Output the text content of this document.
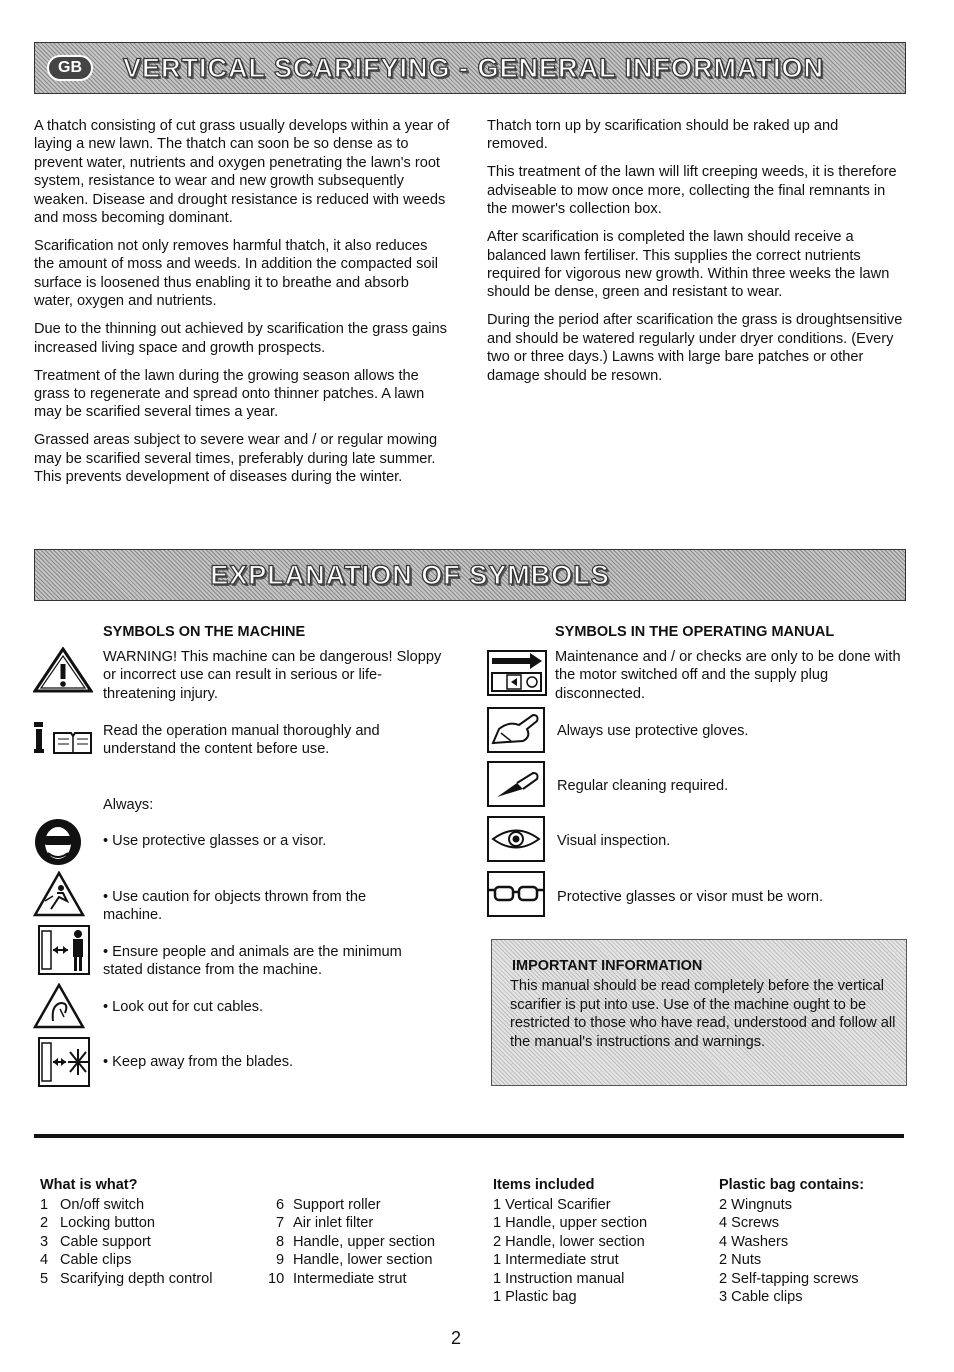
GB	VERTICAL SCARIFYING - GENERAL INFORMATION

A thatch consisting of cut grass usually develops within a year of laying a new lawn. The thatch can soon be so dense as to prevent water, nutrients and oxygen penetrating the lawn's root system, resistance to wear and new growth subsequently weaken. Disease and drought resistance is reduced with weeds and moss becoming dominant.

Scarification not only removes harmful thatch, it also reduces the amount of moss and weeds. In addition the compacted soil surface is loosened thus enabling it to breathe and absorb water, oxygen and nutrients.

Due to the thinning out achieved by scarification the grass gains increased living space and growth prospects.

Treatment of the lawn during the growing season allows the grass to regenerate and spread onto thinner patches. A lawn may be scarified several times a year.

Grassed areas subject to severe wear and / or regular mowing may be scarified several times, preferably during late summer. This prevents development of diseases during the winter.

Thatch torn up by scarification should be raked up and removed.

This treatment of the lawn will lift creeping weeds, it is therefore adviseable to mow once more, collecting the final remnants in the mower's collection box.

After scarification is completed the lawn should receive a balanced lawn fertiliser. This supplies the correct nutrients required for vigorous new growth. Within three weeks the lawn should be dense, green and resistant to wear.

During the period after scarification the grass is droughtsensitive and should be watered regularly under dryer conditions. (Every two or three days.) Lawns with large bare patches or other damage should be resown.

EXPLANATION OF SYMBOLS
SYMBOLS ON THE MACHINE
WARNING! This machine can be dangerous! Sloppy or incorrect use can result in serious or life-threatening injury.
Read the operation manual thoroughly and understand the content before use.
Always:
• Use protective glasses or a visor.
• Use caution for objects thrown from the machine.
• Ensure people and animals are the minimum stated distance from the machine.
• Look out for cut cables.
• Keep away from the blades.
SYMBOLS IN THE OPERATING MANUAL
Maintenance and / or checks are only to be done with the motor switched off and the supply plug disconnected.
Always use protective gloves.
Regular cleaning required.
Visual inspection.
Protective glasses or visor must be worn.
IMPORTANT INFORMATION
This manual should be read completely before the vertical scarifier is put into use. Use of the machine ought to be restricted to those who have read, understood and follow all the manual's instructions and warnings.
What is what?
1 On/off switch
2 Locking button
3 Cable support
4 Cable clips
5 Scarifying depth control
6 Support roller
7 Air inlet filter
8 Handle, upper section
9 Handle, lower section
10 Intermediate strut
Items included
1 Vertical Scarifier
1 Handle, upper section
2 Handle, lower section
1 Intermediate strut
1 Instruction manual
1 Plastic bag
Plastic bag contains:
2 Wingnuts
4 Screws
4 Washers
2 Nuts
2 Self-tapping screws
3 Cable clips
2
